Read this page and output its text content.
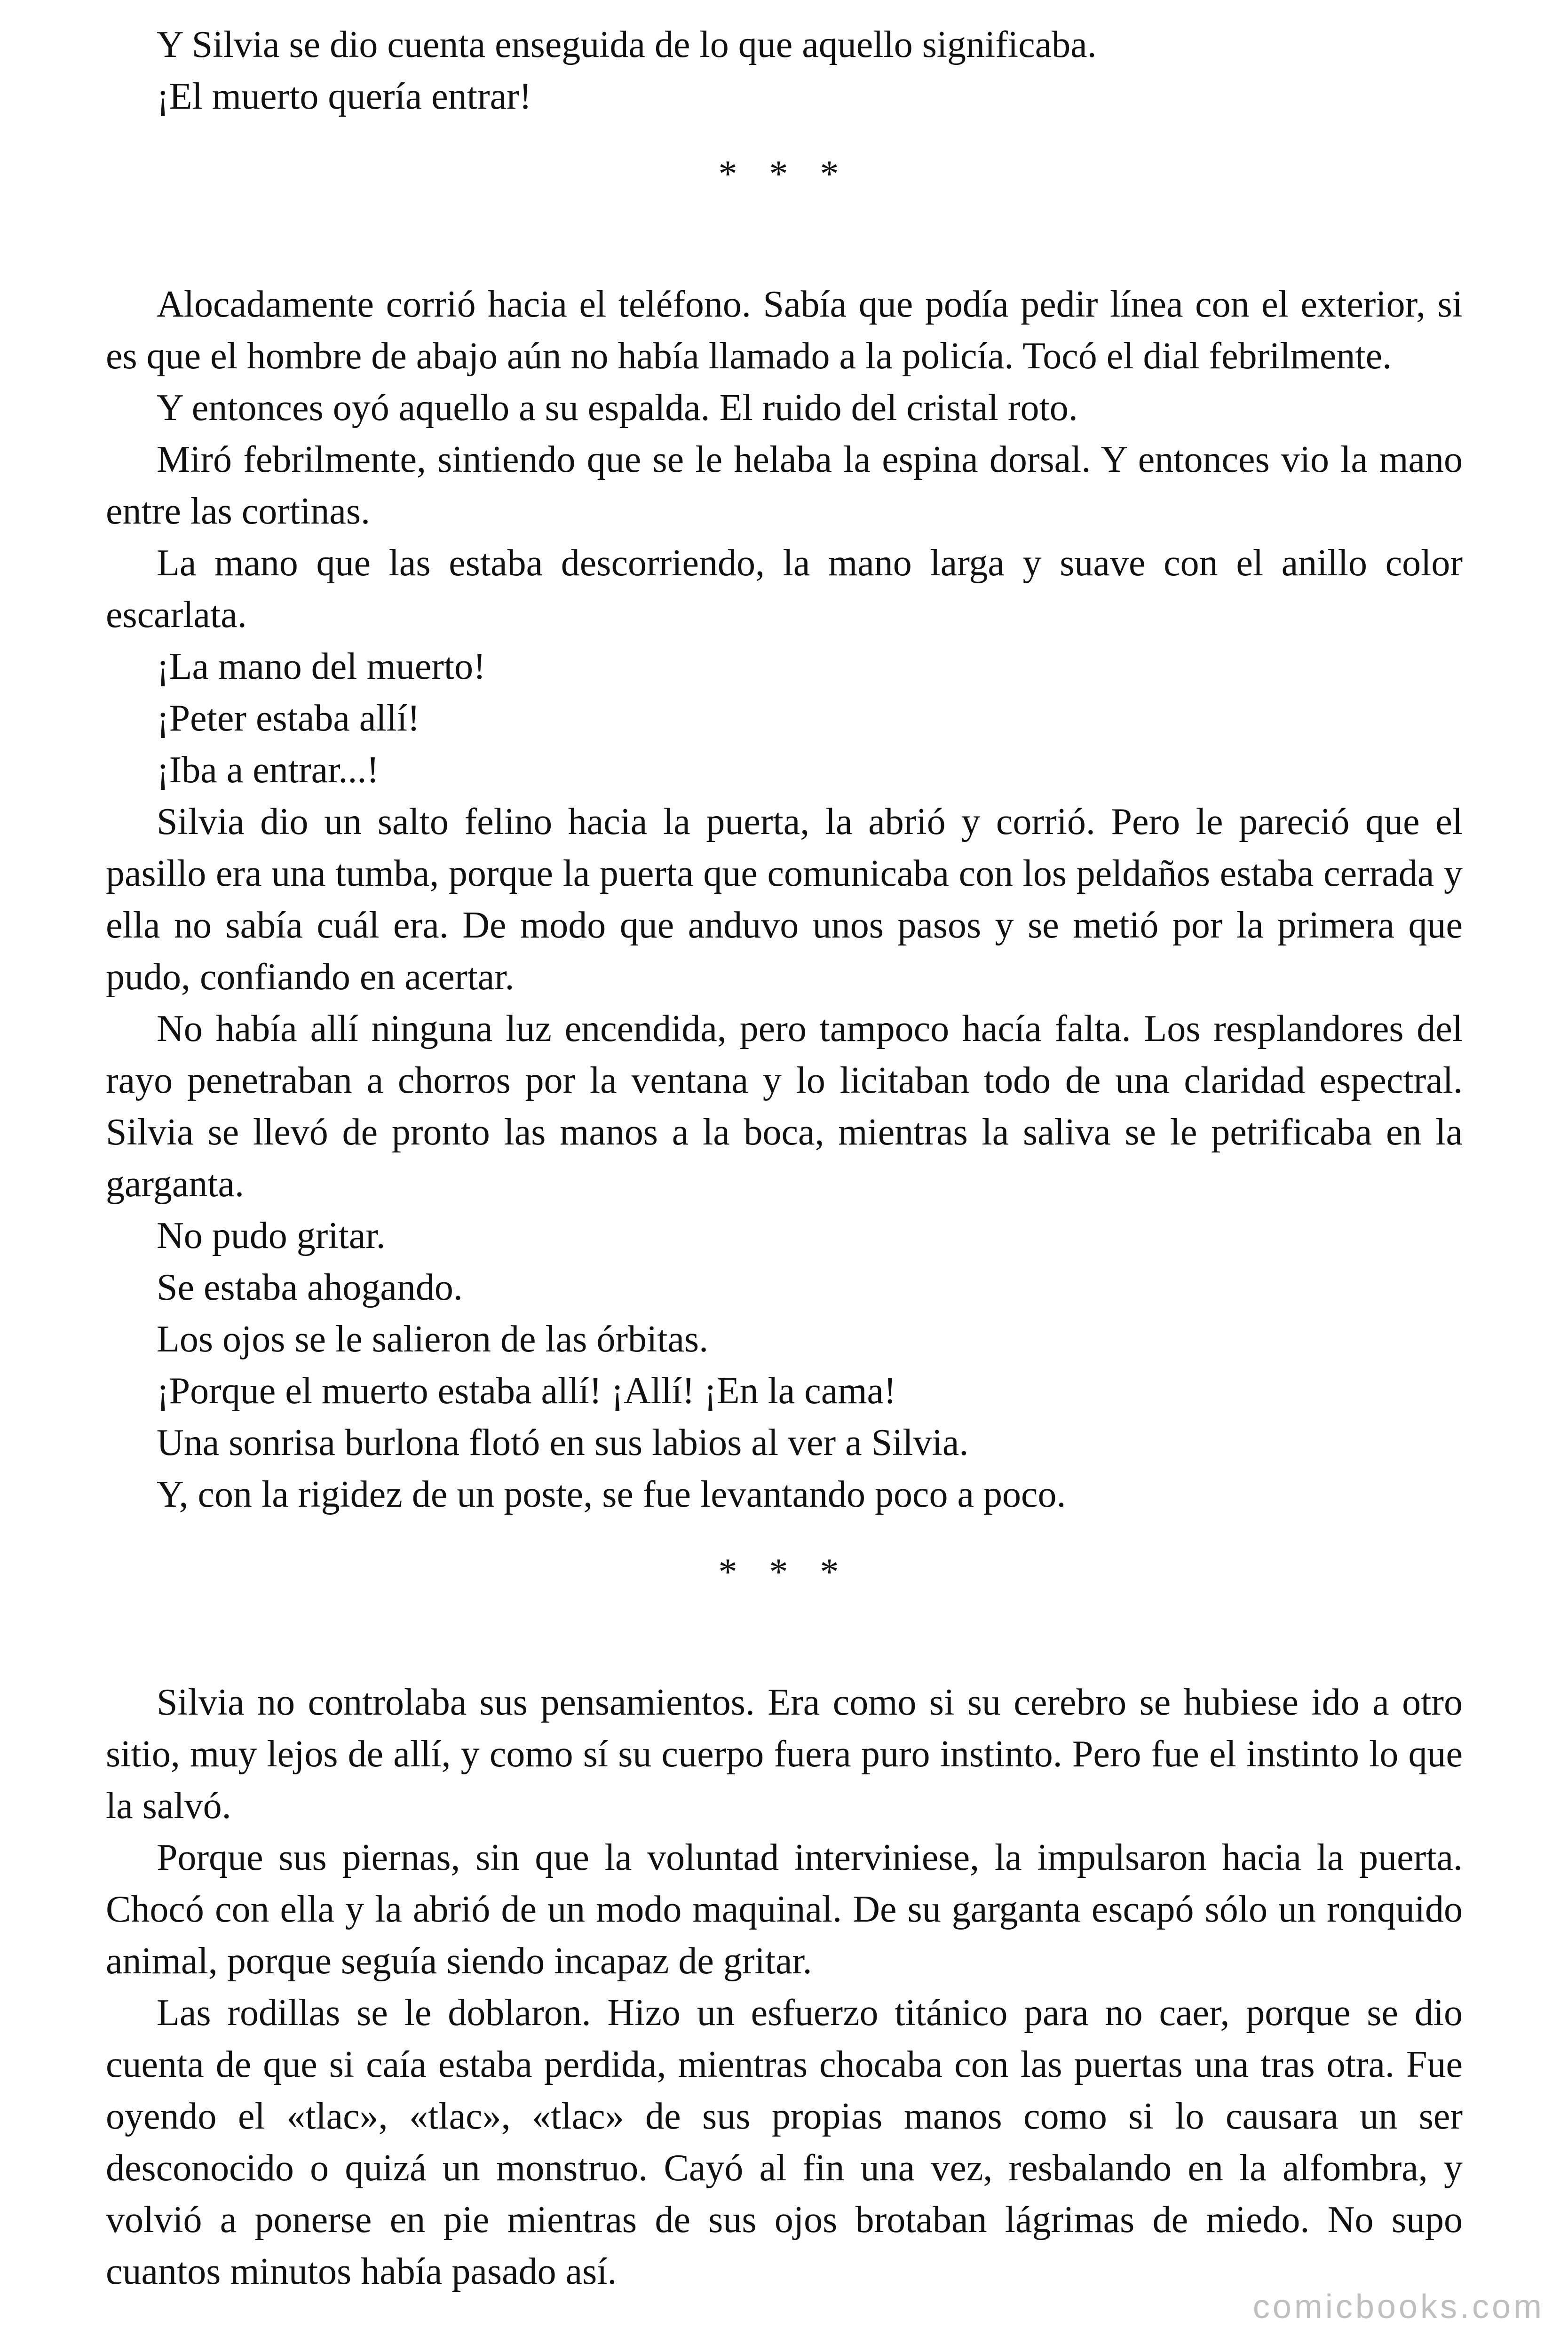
Y Silvia se dio cuenta enseguida de lo que aquello significaba.

¡El muerto quería entrar!

* * *

Alocadamente corrió hacia el teléfono. Sabía que podía pedir línea con el exterior, si es que el hombre de abajo aún no había llamado a la policía. Tocó el dial febrilmente.

Y entonces oyó aquello a su espalda. El ruido del cristal roto.

Miró febrilmente, sintiendo que se le helaba la espina dorsal. Y entonces vio la mano entre las cortinas.

La mano que las estaba descorriendo, la mano larga y suave con el anillo color escarlata.

¡La mano del muerto!

¡Peter estaba allí!

¡Iba a entrar...!

Silvia dio un salto felino hacia la puerta, la abrió y corrió. Pero le pareció que el pasillo era una tumba, porque la puerta que comunicaba con los peldaños estaba cerrada y ella no sabía cuál era. De modo que anduvo unos pasos y se metió por la primera que pudo, confiando en acertar.

No había allí ninguna luz encendida, pero tampoco hacía falta. Los resplandores del rayo penetraban a chorros por la ventana y lo licitaban todo de una claridad espectral. Silvia se llevó de pronto las manos a la boca, mientras la saliva se le petrificaba en la garganta.

No pudo gritar.

Se estaba ahogando.

Los ojos se le salieron de las órbitas.

¡Porque el muerto estaba allí! ¡Allí! ¡En la cama!

Una sonrisa burlona flotó en sus labios al ver a Silvia.

Y, con la rigidez de un poste, se fue levantando poco a poco.

* * *

Silvia no controlaba sus pensamientos. Era como si su cerebro se hubiese ido a otro sitio, muy lejos de allí, y como sí su cuerpo fuera puro instinto. Pero fue el instinto lo que la salvó.

Porque sus piernas, sin que la voluntad interviniese, la impulsaron hacia la puerta. Chocó con ella y la abrió de un modo maquinal. De su garganta escapó sólo un ronquido animal, porque seguía siendo incapaz de gritar.

Las rodillas se le doblaron. Hizo un esfuerzo titánico para no caer, porque se dio cuenta de que si caía estaba perdida, mientras chocaba con las puertas una tras otra. Fue oyendo el «tlac», «tlac», «tlac» de sus propias manos como si lo causara un ser desconocido o quizá un monstruo. Cayó al fin una vez, resbalando en la alfombra, y volvió a ponerse en pie mientras de sus ojos brotaban lágrimas de miedo. No supo cuantos minutos había pasado así.

comicbooks.com
